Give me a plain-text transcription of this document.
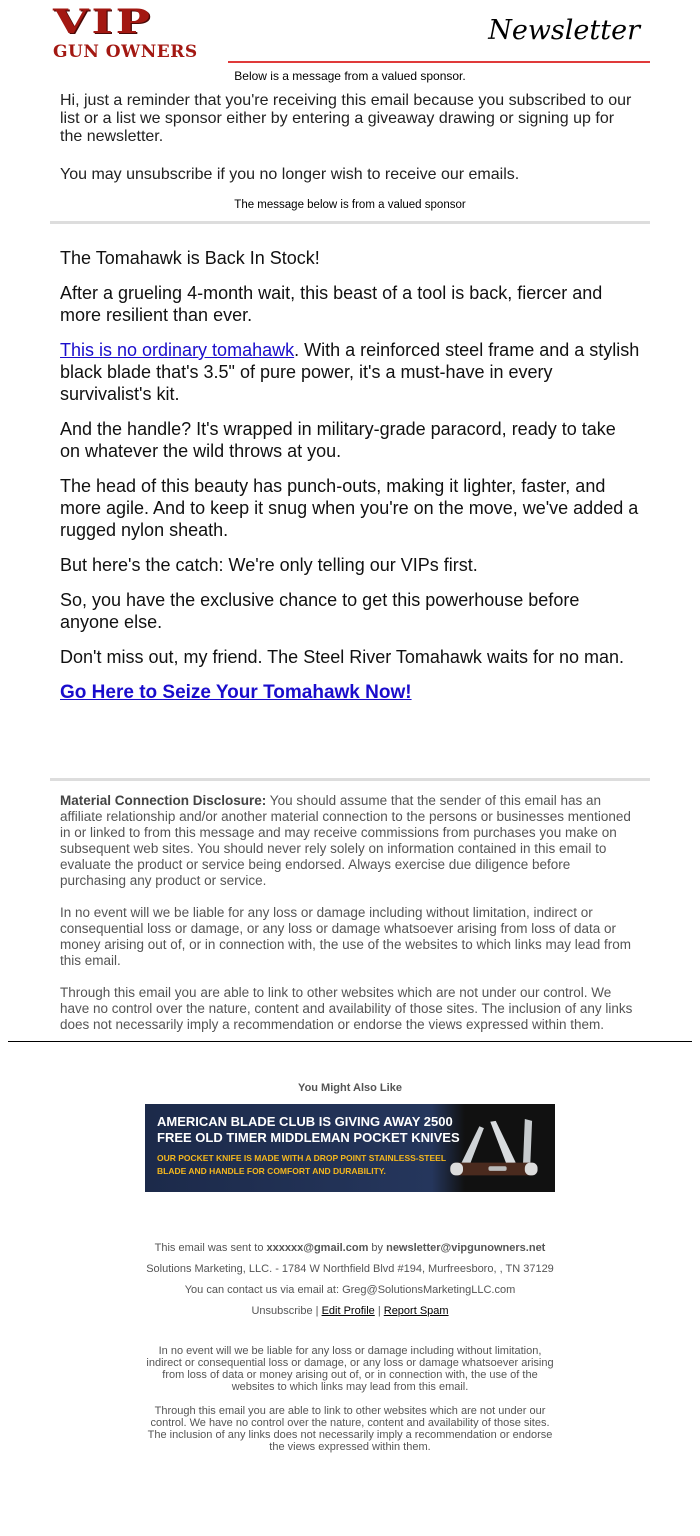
VIP
GUN OWNERS
Newsletter
Below is a message from a valued sponsor.

Hi, just a reminder that you're receiving this email because you subscribed to our list or a list we sponsor either by entering a giveaway drawing or signing up for the newsletter.

You may unsubscribe if you no longer wish to receive our emails.

The message below is from a valued sponsor

The Tomahawk is Back In Stock!

After a grueling 4-month wait, this beast of a tool is back, fiercer and more resilient than ever.

This is no ordinary tomahawk. With a reinforced steel frame and a stylish black blade that's 3.5" of pure power, it's a must-have in every survivalist's kit.

And the handle? It's wrapped in military-grade paracord, ready to take on whatever the wild throws at you.

The head of this beauty has punch-outs, making it lighter, faster, and more agile. And to keep it snug when you're on the move, we've added a rugged nylon sheath.

But here's the catch: We're only telling our VIPs first.

So, you have the exclusive chance to get this powerhouse before anyone else.

Don't miss out, my friend. The Steel River Tomahawk waits for no man.

Go Here to Seize Your Tomahawk Now!

Material Connection Disclosure: You should assume that the sender of this email has an affiliate relationship and/or another material connection to the persons or businesses mentioned in or linked to from this message and may receive commissions from purchases you make on subsequent web sites. You should never rely solely on information contained in this email to evaluate the product or service being endorsed. Always exercise due diligence before purchasing any product or service.

In no event will we be liable for any loss or damage including without limitation, indirect or consequential loss or damage, or any loss or damage whatsoever arising from loss of data or money arising out of, or in connection with, the use of the websites to which links may lead from this email.

Through this email you are able to link to other websites which are not under our control. We have no control over the nature, content and availability of those sites. The inclusion of any links does not necessarily imply a recommendation or endorse the views expressed within them.

You Might Also Like
AMERICAN BLADE CLUB IS GIVING AWAY 2500
FREE OLD TIMER MIDDLEMAN POCKET KNIVES
OUR POCKET KNIFE IS MADE WITH A DROP POINT STAINLESS-STEEL
BLADE AND HANDLE FOR COMFORT AND DURABILITY.

This email was sent to xxxxxx@gmail.com by newsletter@vipgunowners.net

Solutions Marketing, LLC. - 1784 W Northfield Blvd #194, Murfreesboro, , TN 37129

You can contact us via email at: Greg@SolutionsMarketingLLC.com

Unsubscribe | Edit Profile | Report Spam

In no event will we be liable for any loss or damage including without limitation, indirect or consequential loss or damage, or any loss or damage whatsoever arising from loss of data or money arising out of, or in connection with, the use of the websites to which links may lead from this email.

Through this email you are able to link to other websites which are not under our control. We have no control over the nature, content and availability of those sites. The inclusion of any links does not necessarily imply a recommendation or endorse the views expressed within them.
